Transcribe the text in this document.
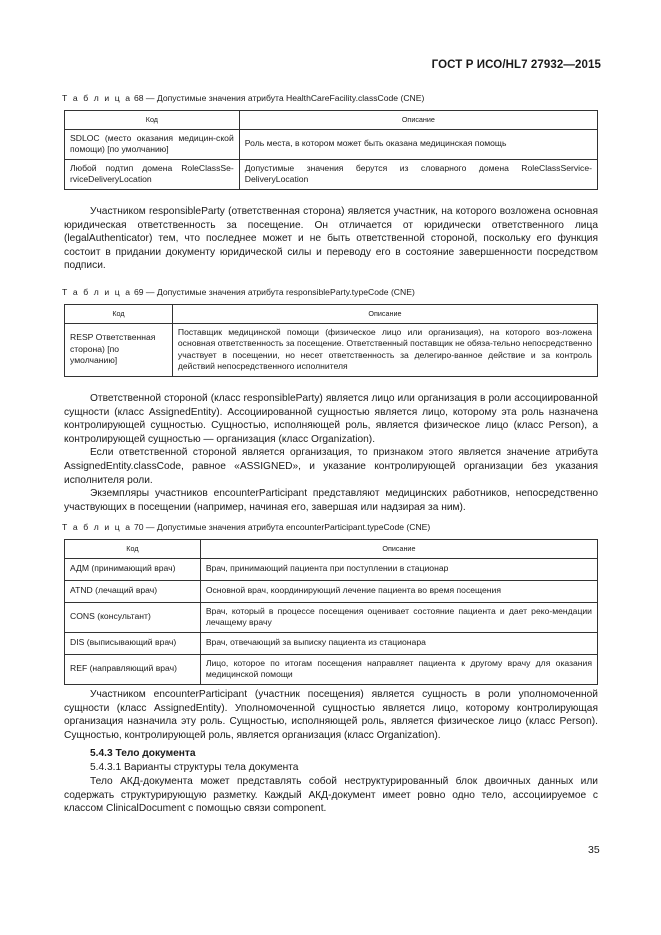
ГОСТ Р ИСО/HL7 27932—2015
Т а б л и ц а 68 — Допустимые значения атрибута HealthCareFacility.classCode (CNE)
Код	Описание
SDLOC (место оказания медицин-ской помощи) [по умолчанию]	Роль места, в котором может быть оказана медицинская помощь
Любой подтип домена RoleClassSe-rviceDeliveryLocation	Допустимые значения берутся из словарного домена RoleClassService-DeliveryLocation

Участником responsibleParty (ответственная сторона) является участник, на которого возложена основная юридическая ответственность за посещение. Он отличается от юридически ответственного лица (legalAuthenticator) тем, что последнее может и не быть ответственной стороной, поскольку его функция состоит в придании документу юридической силы и переводу его в состояние завершенности посредством подписи.

Т а б л и ц а 69 — Допустимые значения атрибута responsibleParty.typeCode (CNE)
Код	Описание
RESP Ответственная сторона) [по умолчанию]	Поставщик медицинской помощи (физическое лицо или организация), на которого воз-ложена основная ответственность за посещение. Ответственный поставщик не обяза-тельно непосредственно участвует в посещении, но несет ответственность за делегиро-ванное действие и за контроль действий непосредственного исполнителя

Ответственной стороной (класс responsibleParty) является лицо или организация в роли ассоциированной сущности (класс AssignedEntity). Ассоциированной сущностью является лицо, которому эта роль назначена контролирующей сущностью. Сущностью, исполняющей роль, является физическое лицо (класс Person), а контролирующей сущностью — организация (класс Organization).

Если ответственной стороной является организация, то признаком этого является значение атрибута AssignedEntity.classCode, равное «ASSIGNED», и указание контролирующей организации без указания исполнителя роли.

Экземпляры участников encounterParticipant представляют медицинских работников, непосредственно участвующих в посещении (например, начиная его, завершая или надзирая за ним).

Т а б л и ц а 70 — Допустимые значения атрибута encounterParticipant.typeCode (CNE)
Код	Описание
АДМ (принимающий врач)	Врач, принимающий пациента при поступлении в стационар
ATND (лечащий врач)	Основной врач, координирующий лечение пациента во время посещения
CONS (консультант)	Врач, который в процессе посещения оценивает состояние пациента и дает реко-мендации лечащему врачу
DIS (выписывающий врач)	Врач, отвечающий за выписку пациента из стационара
REF (направляющий врач)	Лицо, которое по итогам посещения направляет пациента к другому врачу для оказания медицинской помощи

Участником encounterParticipant (участник посещения) является сущность в роли уполномоченной сущности (класс AssignedEntity). Уполномоченной сущностью является лицо, которому контролирующая организация назначила эту роль. Сущностью, исполняющей роль, является физическое лицо (класс Person). Сущностью, контролирующей роль, является организация (класс Organization).

5.4.3 Тело документа
5.4.3.1 Варианты структуры тела документа

Тело АКД-документа может представлять собой неструктурированный блок двоичных данных или содержать структурирующую разметку. Каждый АКД-документ имеет ровно одно тело, ассоциируемое с классом ClinicalDocument с помощью связи component.

35
